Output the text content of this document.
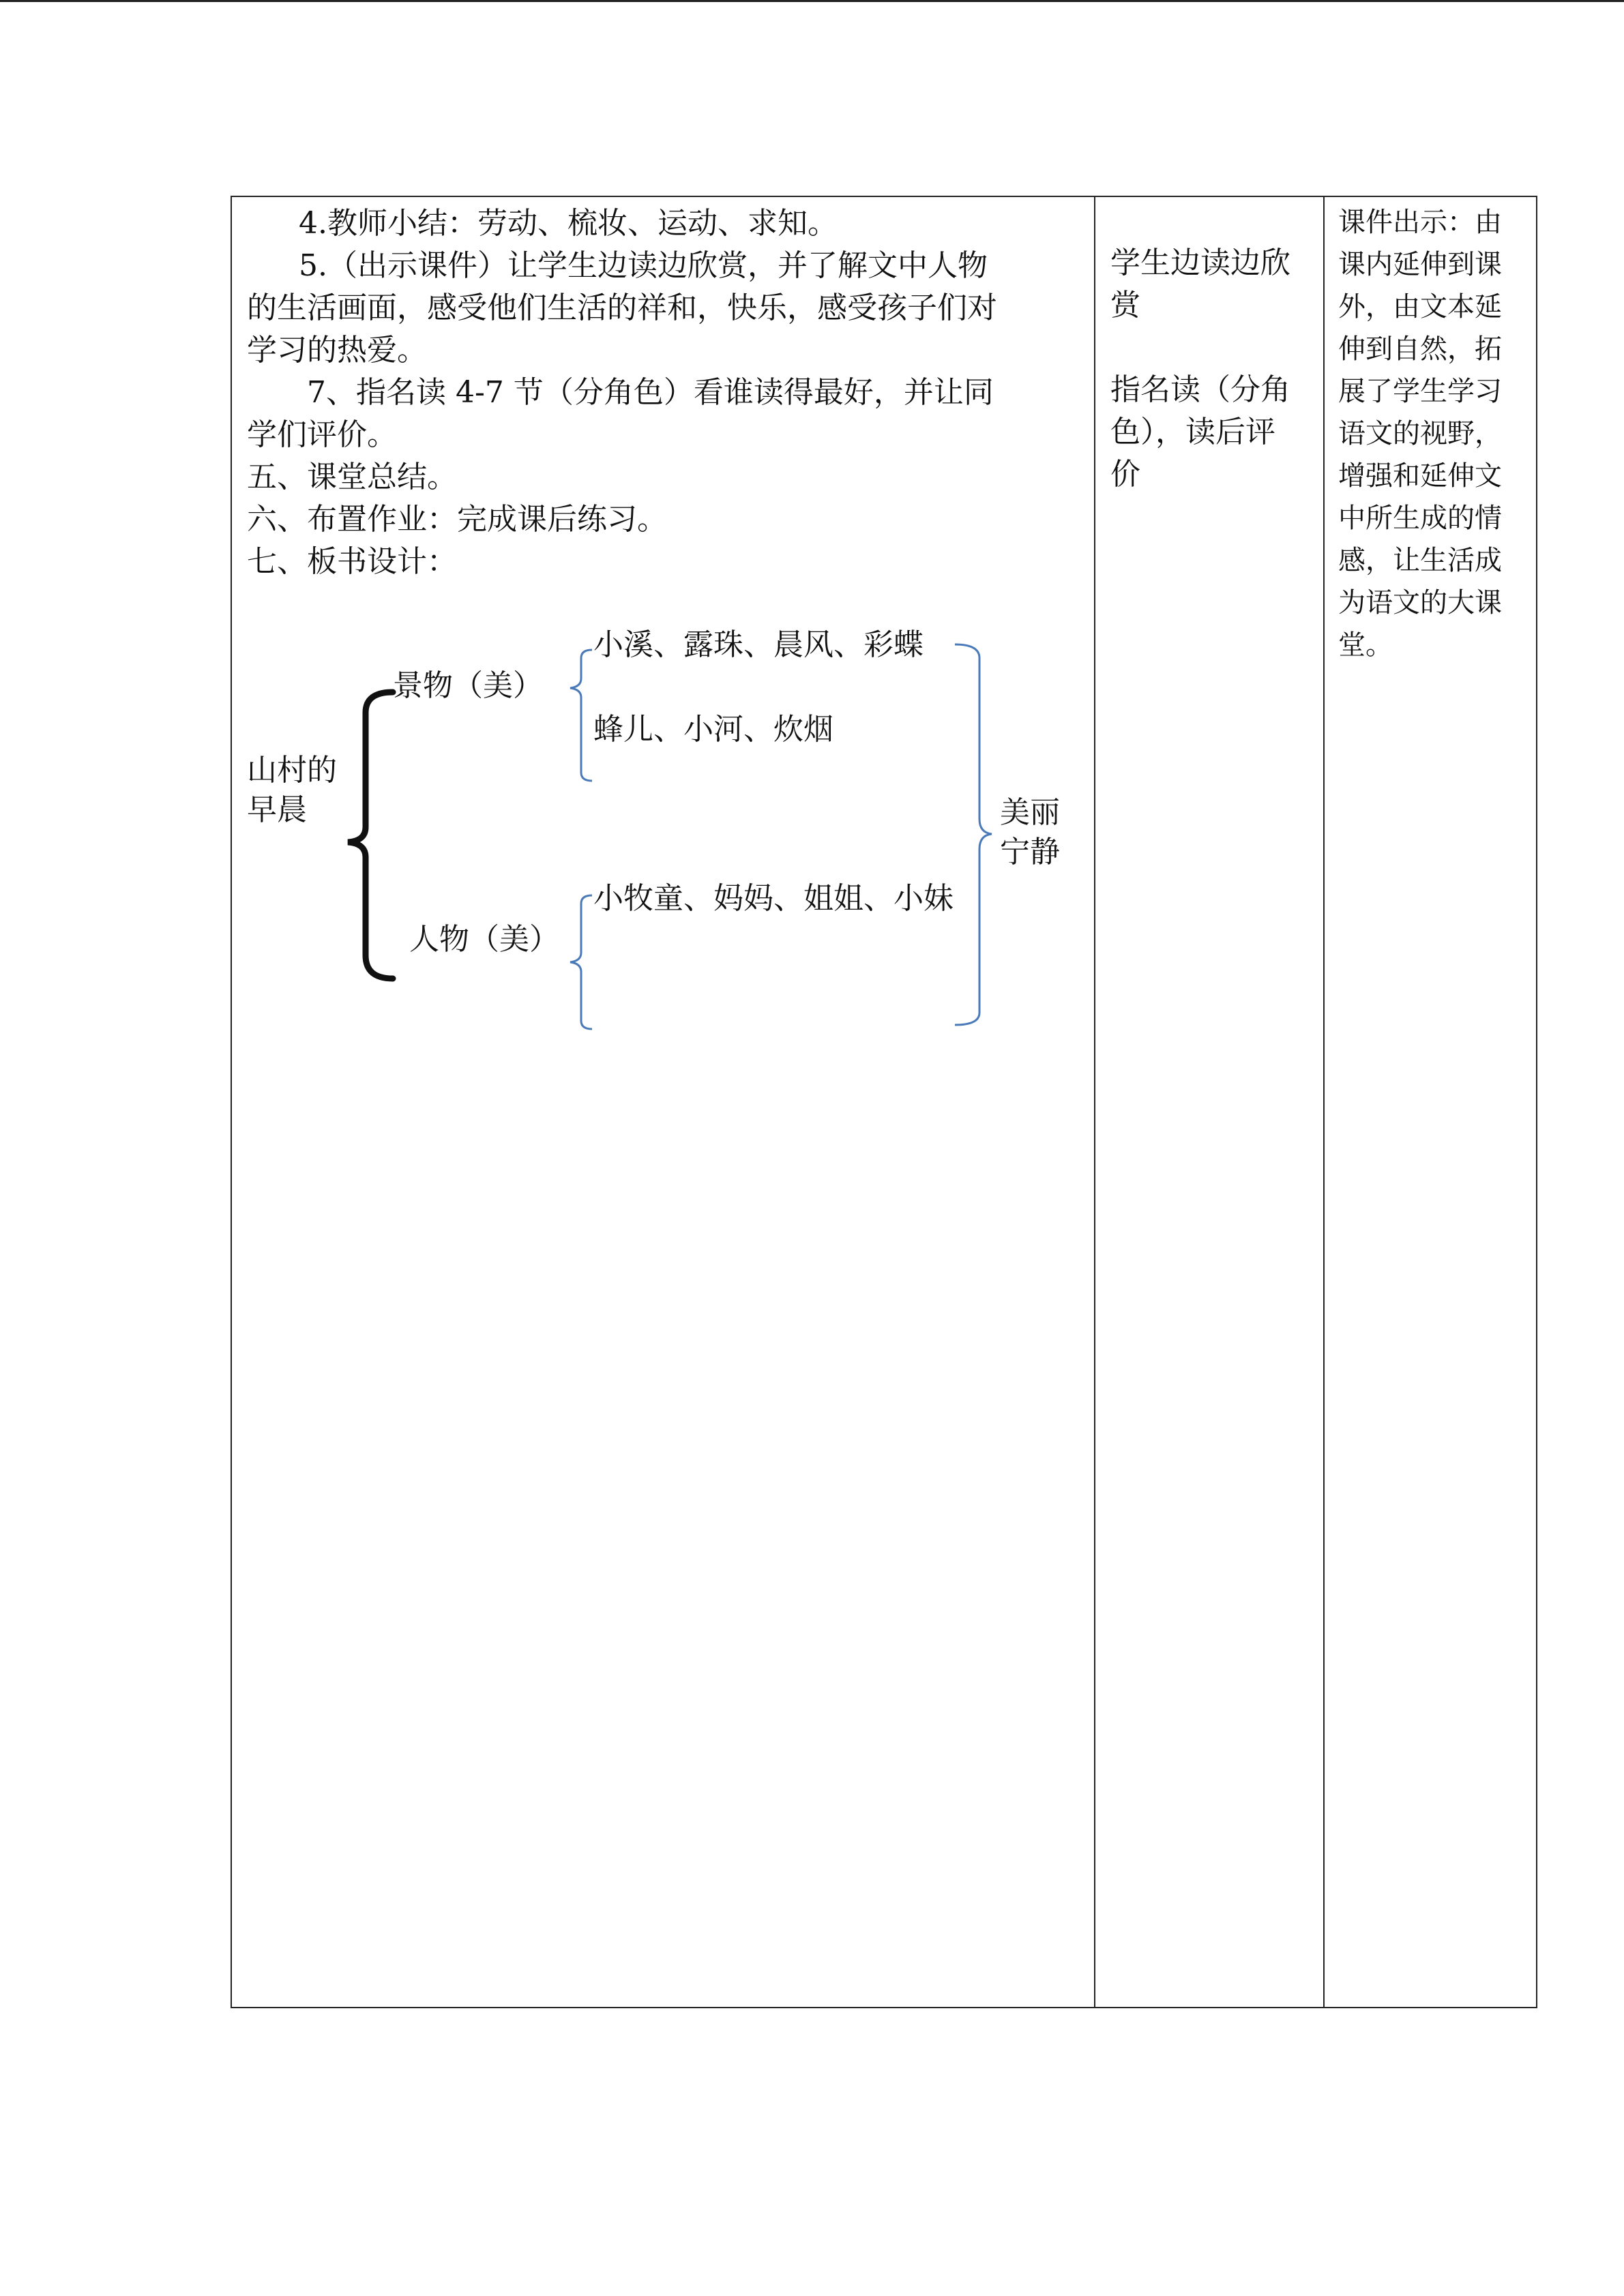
4.教师小结：劳动、梳妆、运动、求知。
5.（出示课件）让学生边读边欣赏，并了解文中人物
的生活画面，感受他们生活的祥和，快乐，感受孩子们对
学习的热爱。
7、指名读 4-7 节（分角色）看谁读得最好，并让同
学们评价。
五、课堂总结。
六、布置作业：完成课后练习。
七、板书设计：
山村的
早晨
景物（美）
人物（美）
小溪、露珠、晨风、彩蝶
蜂儿、小河、炊烟
小牧童、妈妈、姐姐、小妹
美丽
宁静
学生边读边欣
赏
指名读（分角
色），读后评
价
课件出示：由
课内延伸到课
外，由文本延
伸到自然，拓
展了学生学习
语文的视野，
增强和延伸文
中所生成的情
感，让生活成
为语文的大课
堂。
